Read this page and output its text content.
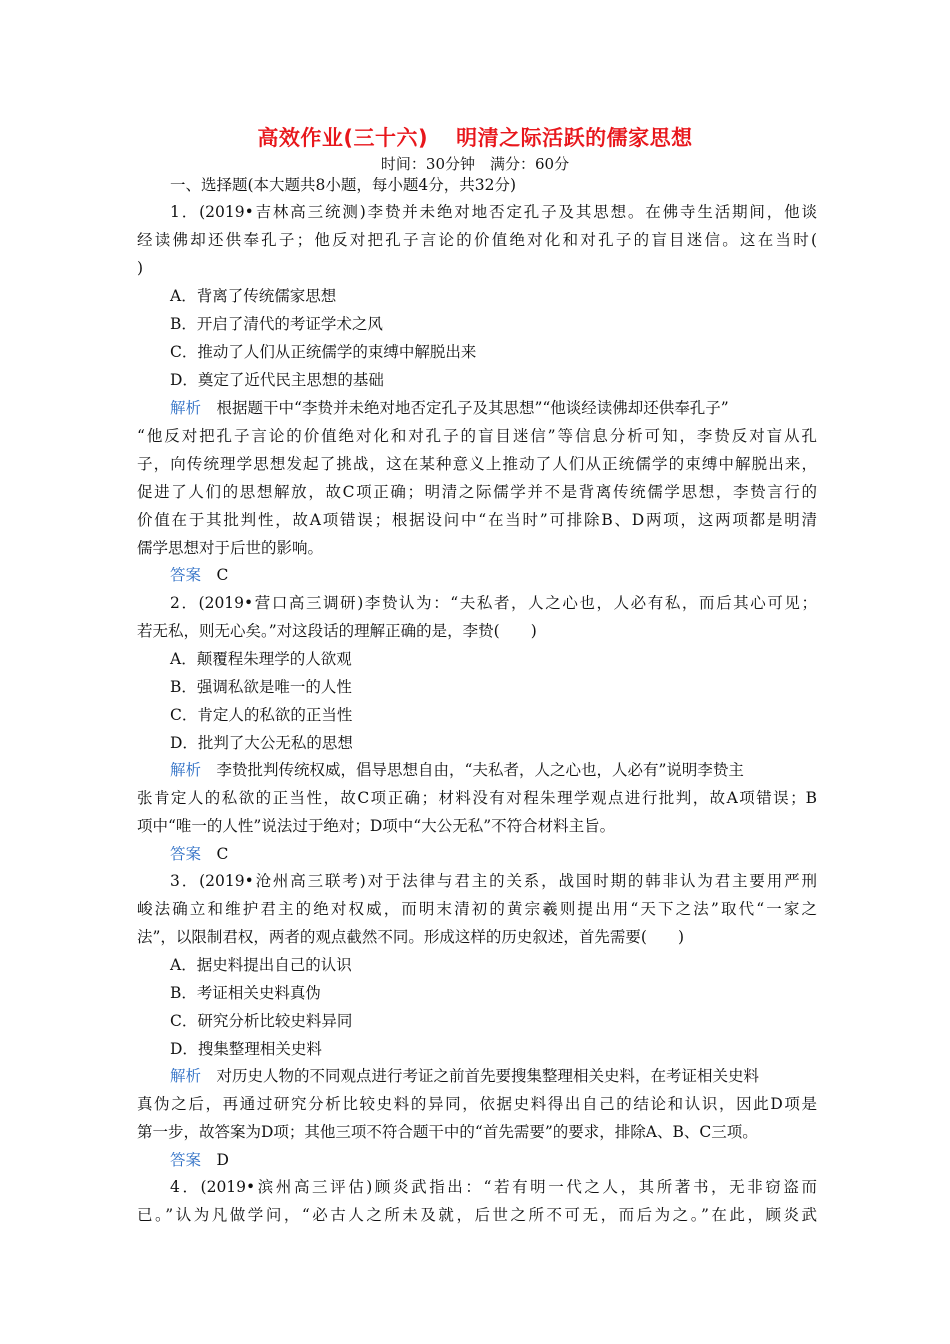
高效作业(三十六) 明清之际活跃的儒家思想
时间：30分钟　满分：60分
一、选择题(本大题共8小题，每小题4分，共32分)
1．(2019•吉林高三统测)李贽并未绝对地否定孔子及其思想。在佛寺生活期间，他谈
经读佛却还供奉孔子；他反对把孔子言论的价值绝对化和对孔子的盲目迷信。这在当时(
)
A．背离了传统儒家思想
B．开启了清代的考证学术之风
C．推动了人们从正统儒学的束缚中解脱出来
D．奠定了近代民主思想的基础
解析　 根据题干中“李贽并未绝对地否定孔子及其思想”“他谈经读佛却还供奉孔子”
“他反对把孔子言论的价值绝对化和对孔子的盲目迷信”等信息分析可知，李贽反对盲从孔
子，向传统理学思想发起了挑战，这在某种意义上推动了人们从正统儒学的束缚中解脱出来，
促进了人们的思想解放，故C项正确；明清之际儒学并不是背离传统儒学思想，李贽言行的
价值在于其批判性，故A项错误；根据设问中“在当时”可排除B、D两项，这两项都是明清
儒学思想对于后世的影响。
答案　 C
2．(2019•营口高三调研)李贽认为：“夫私者，人之心也，人必有私，而后其心可见；
若无私，则无心矣。”对这段话的理解正确的是，李贽(　　)
A．颠覆程朱理学的人欲观
B．强调私欲是唯一的人性
C．肯定人的私欲的正当性
D．批判了大公无私的思想
解析　 李贽批判传统权威，倡导思想自由，“夫私者，人之心也，人必有”说明李贽主
张肯定人的私欲的正当性，故C项正确；材料没有对程朱理学观点进行批判，故A项错误；B
项中“唯一的人性”说法过于绝对；D项中“大公无私”不符合材料主旨。
答案　 C
3．(2019•沧州高三联考)对于法律与君主的关系，战国时期的韩非认为君主要用严刑
峻法确立和维护君主的绝对权威，而明末清初的黄宗羲则提出用“天下之法”取代“一家之
法”，以限制君权，两者的观点截然不同。形成这样的历史叙述，首先需要(　　)
A．据史料提出自己的认识
B．考证相关史料真伪
C．研究分析比较史料异同
D．搜集整理相关史料
解析　 对历史人物的不同观点进行考证之前首先要搜集整理相关史料，在考证相关史料
真伪之后，再通过研究分析比较史料的异同，依据史料得出自己的结论和认识，因此D项是
第一步，故答案为D项；其他三项不符合题干中的“首先需要”的要求，排除A、B、C三项。
答案　 D
4．(2019•滨州高三评估)顾炎武指出：“若有明一代之人，其所著书，无非窃盗而
已。”认为凡做学问，“必古人之所未及就，后世之所不可无，而后为之。”在此，顾炎武
